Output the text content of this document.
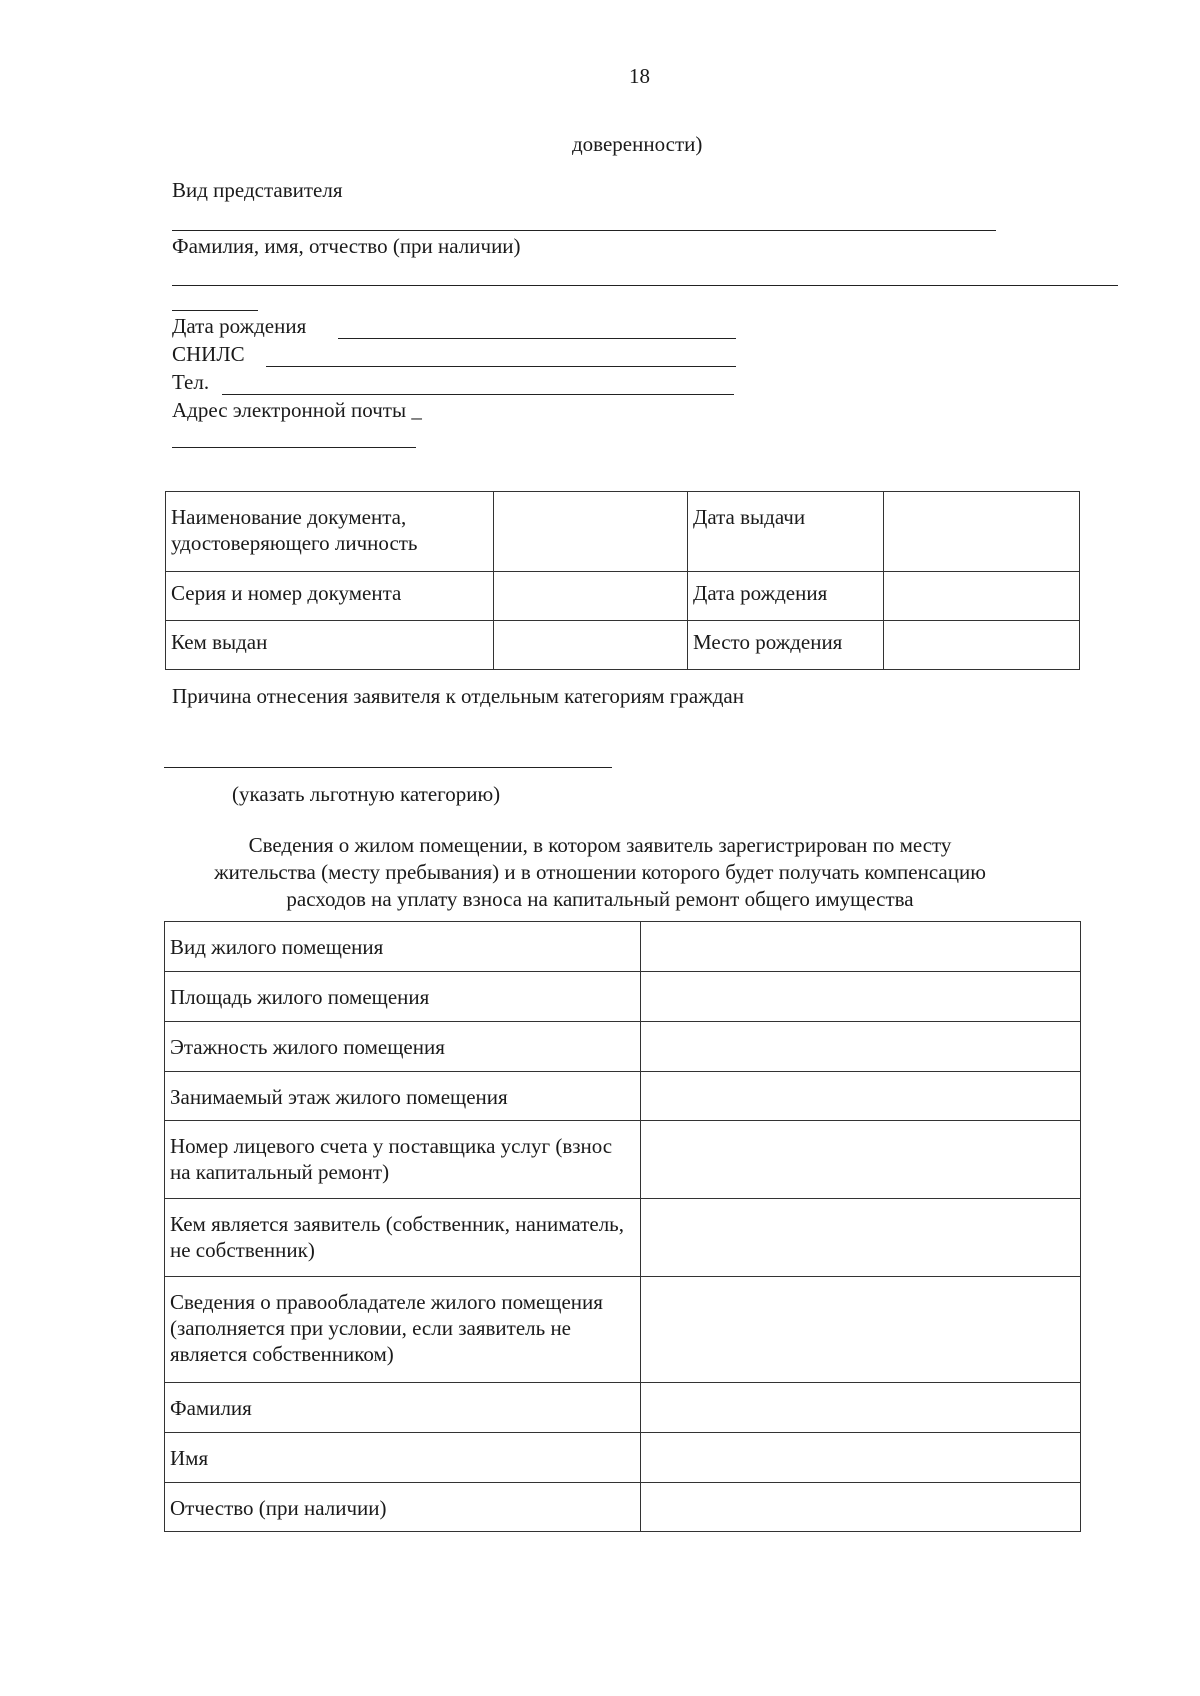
18
доверенности)
Вид представителя
Фамилия, имя, отчество (при наличии)
Дата рождения
СНИЛС
Тел.
Адрес электронной почты _
Наименование документа, удостоверяющего личность		Дата выдачи	
Серия и номер документа		Дата рождения	
Кем выдан		Место рождения	
Причина отнесения заявителя к отдельным категориям граждан
(указать льготную категорию)
Сведения о жилом помещении, в котором заявитель зарегистрирован по месту
жительства (месту пребывания) и в отношении которого будет получать компенсацию
расходов на уплату взноса на капитальный ремонт общего имущества
Вид жилого помещения	
Площадь жилого помещения	
Этажность жилого помещения	
Занимаемый этаж жилого помещения	
Номер лицевого счета у поставщика услуг (взнос на капитальный ремонт)	
Кем является заявитель (собственник, наниматель, не собственник)	
Сведения о правообладателе жилого помещения (заполняется при условии, если заявитель не является собственником)	
Фамилия	
Имя	
Отчество (при наличии)	
